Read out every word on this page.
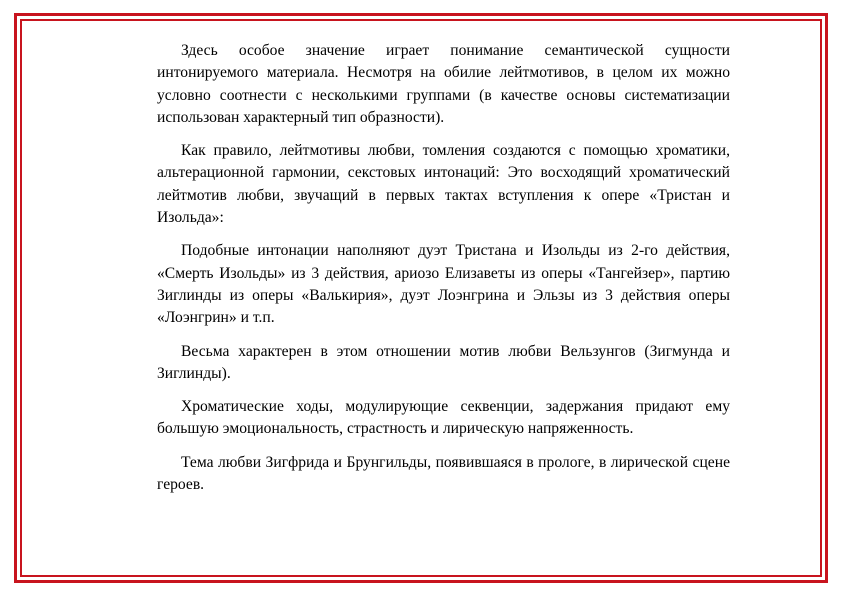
Здесь особое значение играет понимание семантической сущности интонируемого материала. Несмотря на обилие лейтмотивов, в целом их можно условно соотнести с несколькими группами (в качестве основы систематизации использован характерный тип образности).

Как правило, лейтмотивы любви, томления создаются с помощью хроматики, альтерационной гармонии, секстовых интонаций: Это восходящий хроматический лейтмотив любви, звучащий в первых тактах вступления к опере «Тристан и Изольда»:

Подобные интонации наполняют дуэт Тристана и Изольды из 2-го действия, «Смерть Изольды» из 3 действия, ариозо Елизаветы из оперы «Тангейзер», партию Зиглинды из оперы «Валькирия», дуэт Лоэнгрина и Эльзы из 3 действия оперы «Лоэнгрин» и т.п.

Весьма характерен в этом отношении мотив любви Вельзунгов (Зигмунда и Зиглинды).

Хроматические ходы, модулирующие секвенции, задержания придают ему большую эмоциональность, страстность и лирическую напряженность.

Тема любви Зигфрида и Брунгильды, появившаяся в прологе, в лирической сцене героев.
